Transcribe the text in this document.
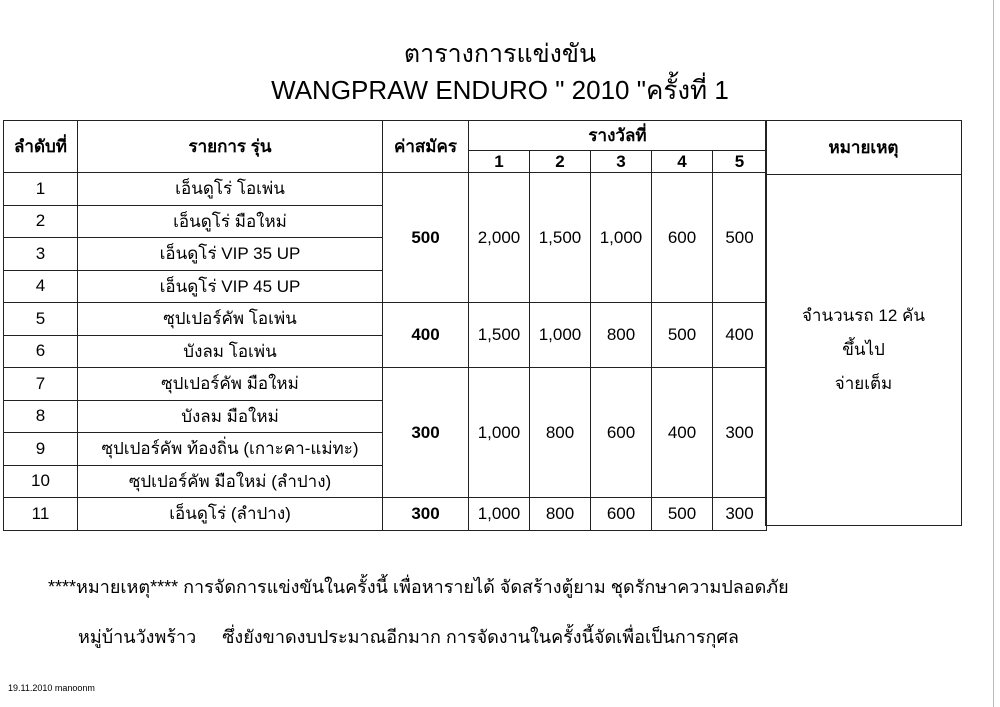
ตารางการแข่งขัน
WANGPRAW ENDURO " 2010 "ครั้งที่ 1
ลำดับที่	รายการ รุ่น	ค่าสมัคร	รางวัลที่				
			1	2	3	4	5
1	เอ็นดูโร่ โอเพ่น	500	2,000	1,500	1,000	600	500
2	เอ็นดูโร่ มือใหม่						
3	เอ็นดูโร่ VIP 35 UP						
4	เอ็นดูโร่ VIP 45 UP						
5	ซุปเปอร์คัพ โอเพ่น	400	1,500	1,000	800	500	400
6	บังลม โอเพ่น						
7	ซุปเปอร์คัพ มือใหม่	300	1,000	800	600	400	300
8	บังลม มือใหม่						
9	ซุปเปอร์คัพ ท้องถิ่น (เกาะคา-แม่ทะ)						
10	ซุปเปอร์คัพ มือใหม่ (ลำปาง)						
11	เอ็นดูโร่ (ลำปาง)	300	1,000	800	600	500	300
หมายเหตุ

จำนวนรถ 12 คัน
ขึ้นไป
จ่ายเต็ม
****หมายเหตุ**** การจัดการแข่งขันในครั้งนี้ เพื่อหารายได้ จัดสร้างตู้ยาม ชุดรักษาความปลอดภัย
หมู่บ้านวังพร้าว ซึ่งยังขาดงบประมาณอีกมาก การจัดงานในครั้งนี้จัดเพื่อเป็นการกุศล
19.11.2010 manoonm
